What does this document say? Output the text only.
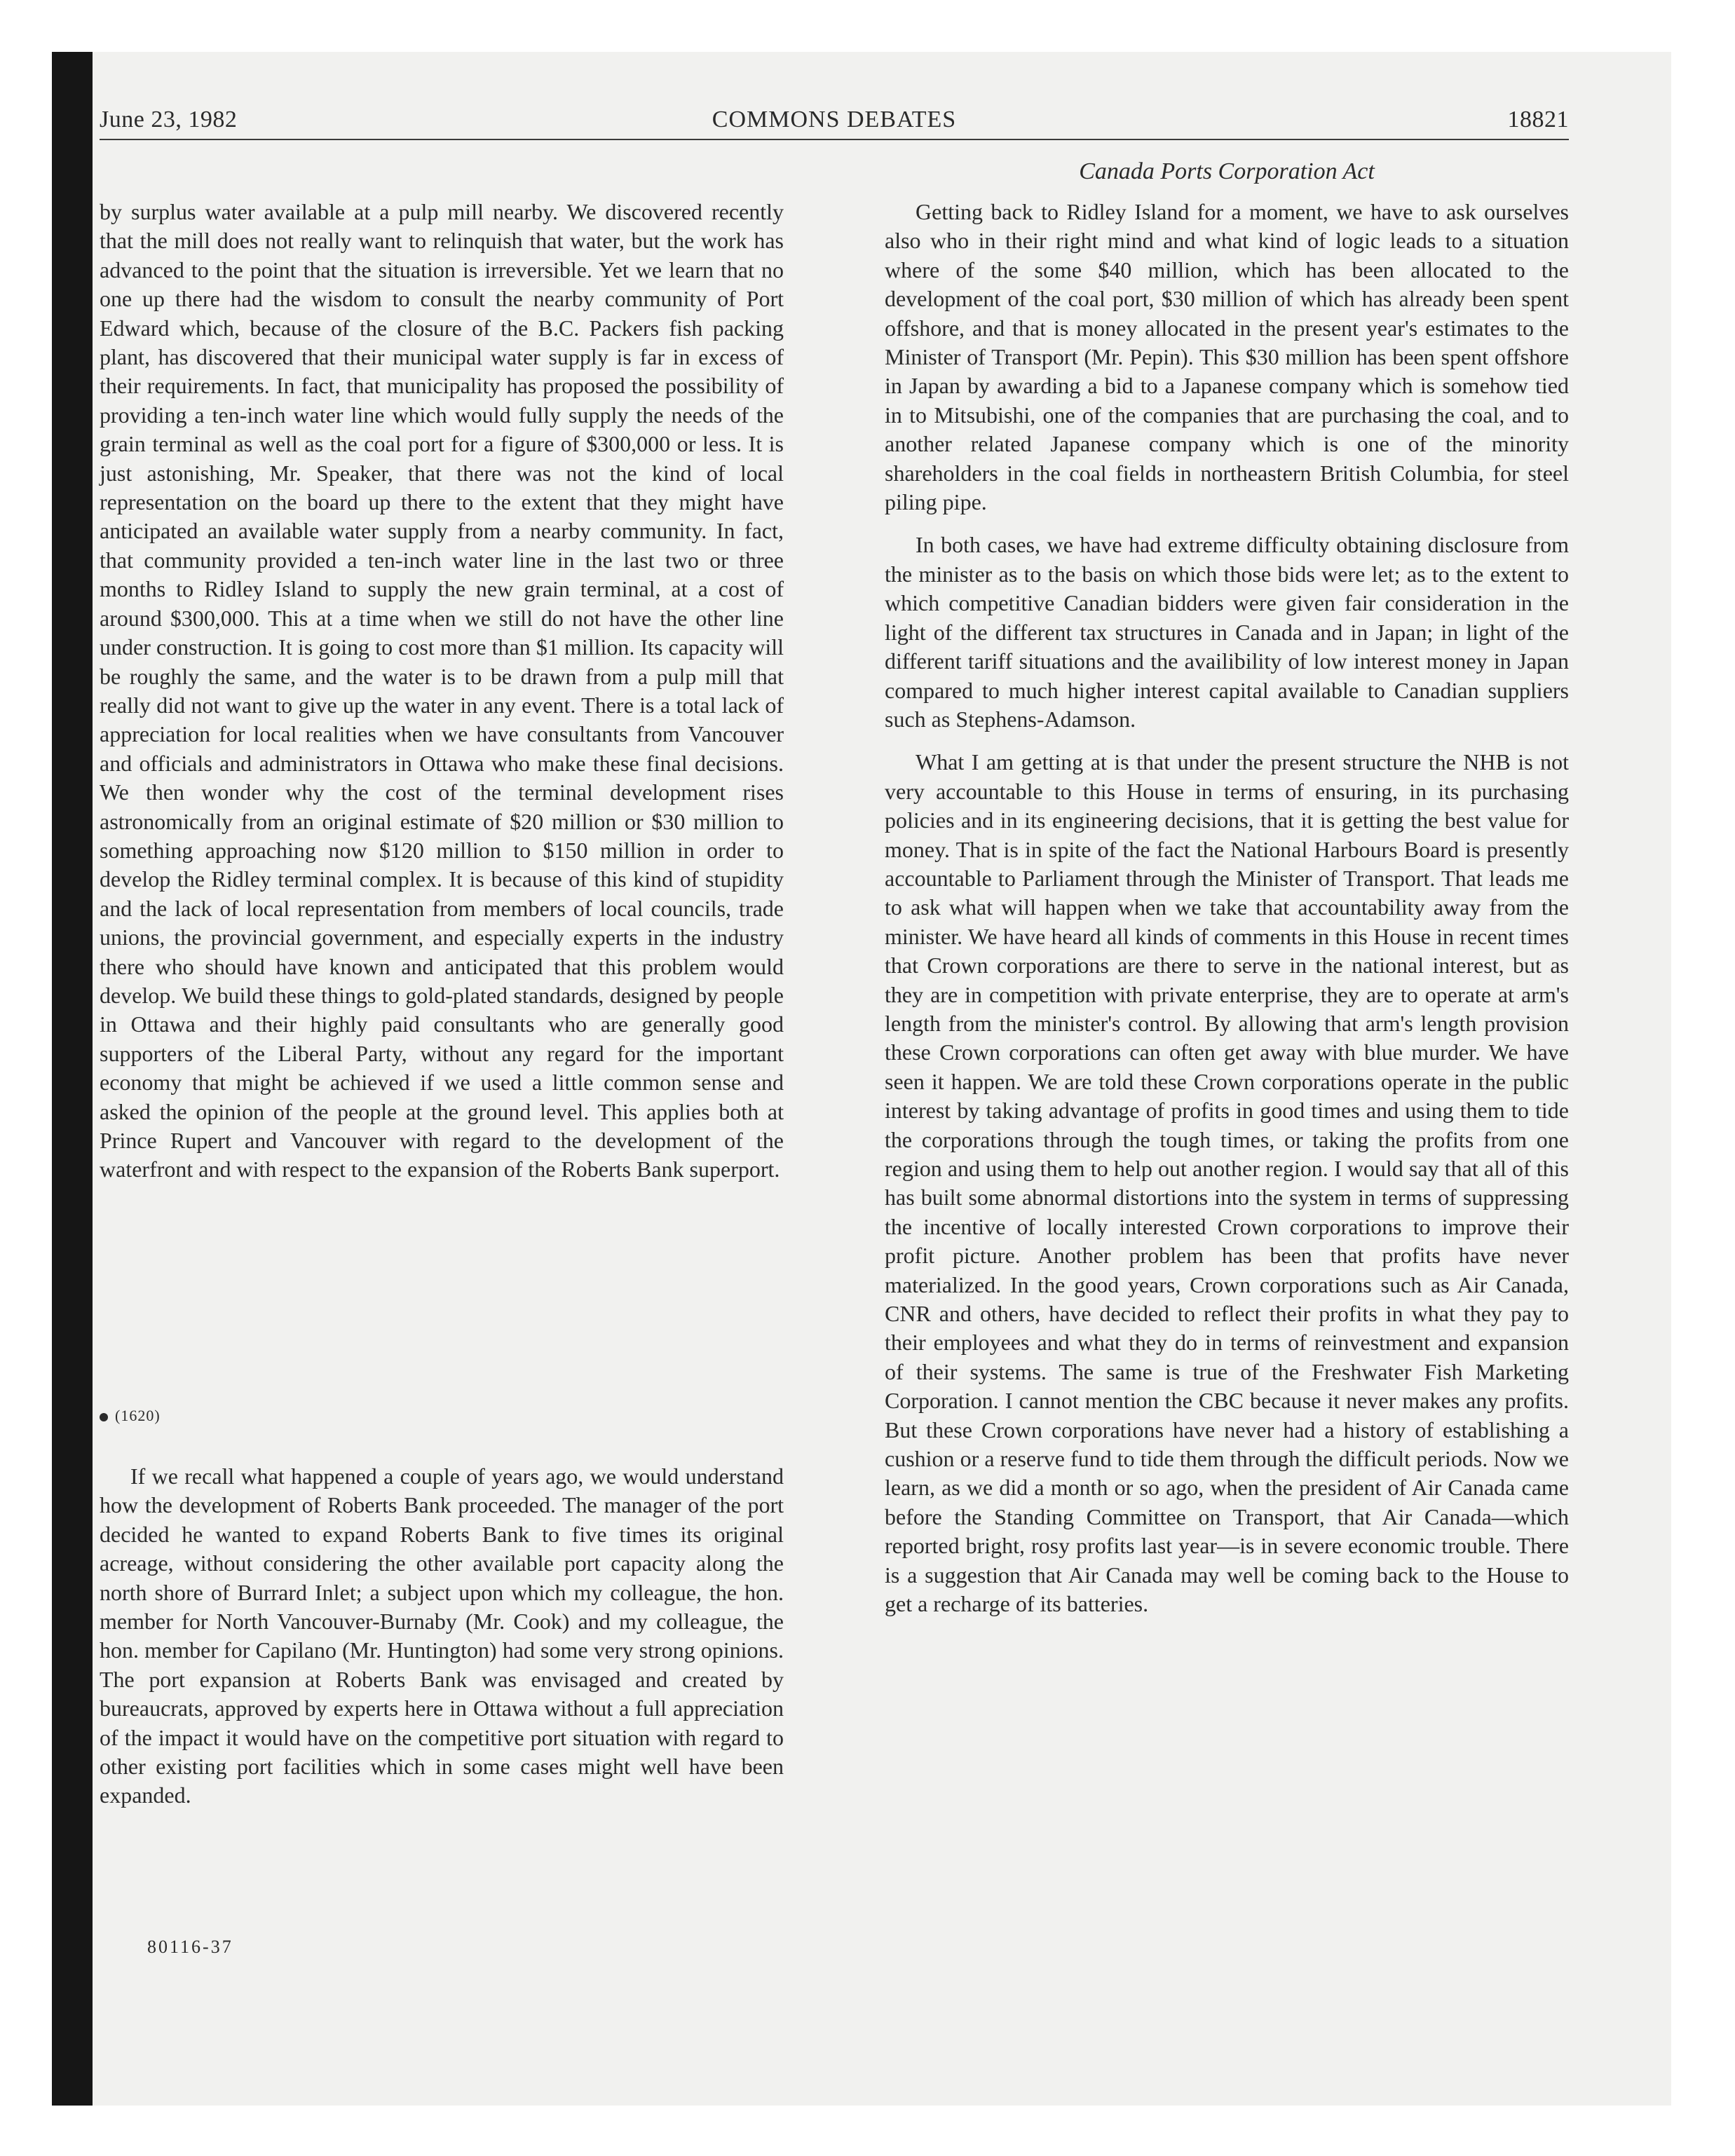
June 23, 1982	COMMONS DEBATES	18821
Canada Ports Corporation Act

by surplus water available at a pulp mill nearby. We discovered recently that the mill does not really want to relinquish that water, but the work has advanced to the point that the situation is irreversible. Yet we learn that no one up there had the wisdom to consult the nearby community of Port Edward which, because of the closure of the B.C. Packers fish packing plant, has discovered that their municipal water supply is far in excess of their requirements. In fact, that municipality has proposed the possibility of providing a ten-inch water line which would fully supply the needs of the grain terminal as well as the coal port for a figure of $300,000 or less. It is just astonishing, Mr. Speaker, that there was not the kind of local representation on the board up there to the extent that they might have anticipated an available water supply from a nearby community. In fact, that community provided a ten-inch water line in the last two or three months to Ridley Island to supply the new grain terminal, at a cost of around $300,000. This at a time when we still do not have the other line under construction. It is going to cost more than $1 million. Its capacity will be roughly the same, and the water is to be drawn from a pulp mill that really did not want to give up the water in any event. There is a total lack of appreciation for local realities when we have consultants from Vancouver and officials and administrators in Ottawa who make these final decisions. We then wonder why the cost of the terminal development rises astronomically from an original estimate of $20 million or $30 million to something approaching now $120 million to $150 million in order to develop the Ridley terminal complex. It is because of this kind of stupidity and the lack of local representation from members of local councils, trade unions, the provincial government, and especially experts in the industry there who should have known and anticipated that this problem would develop. We build these things to gold-plated standards, designed by people in Ottawa and their highly paid consultants who are generally good supporters of the Liberal Party, without any regard for the important economy that might be achieved if we used a little common sense and asked the opinion of the people at the ground level. This applies both at Prince Rupert and Vancouver with regard to the development of the waterfront and with respect to the expansion of the Roberts Bank superport.

(1620)

If we recall what happened a couple of years ago, we would understand how the development of Roberts Bank proceeded. The manager of the port decided he wanted to expand Roberts Bank to five times its original acreage, without considering the other available port capacity along the north shore of Burrard Inlet; a subject upon which my colleague, the hon. member for North Vancouver-Burnaby (Mr. Cook) and my colleague, the hon. member for Capilano (Mr. Huntington) had some very strong opinions. The port expansion at Roberts Bank was envisaged and created by bureaucrats, approved by experts here in Ottawa without a full appreciation of the impact it would have on the competitive port situation with regard to other existing port facilities which in some cases might well have been expanded.

Getting back to Ridley Island for a moment, we have to ask ourselves also who in their right mind and what kind of logic leads to a situation where of the some $40 million, which has been allocated to the development of the coal port, $30 million of which has already been spent offshore, and that is money allocated in the present year's estimates to the Minister of Transport (Mr. Pepin). This $30 million has been spent offshore in Japan by awarding a bid to a Japanese company which is somehow tied in to Mitsubishi, one of the companies that are purchasing the coal, and to another related Japanese company which is one of the minority shareholders in the coal fields in northeastern British Columbia, for steel piling pipe.

In both cases, we have had extreme difficulty obtaining disclosure from the minister as to the basis on which those bids were let; as to the extent to which competitive Canadian bidders were given fair consideration in the light of the different tax structures in Canada and in Japan; in light of the different tariff situations and the availibility of low interest money in Japan compared to much higher interest capital available to Canadian suppliers such as Stephens-Adamson.

What I am getting at is that under the present structure the NHB is not very accountable to this House in terms of ensuring, in its purchasing policies and in its engineering decisions, that it is getting the best value for money. That is in spite of the fact the National Harbours Board is presently accountable to Parliament through the Minister of Transport. That leads me to ask what will happen when we take that accountability away from the minister. We have heard all kinds of comments in this House in recent times that Crown corporations are there to serve in the national interest, but as they are in competition with private enterprise, they are to operate at arm's length from the minister's control. By allowing that arm's length provision these Crown corporations can often get away with blue murder. We have seen it happen. We are told these Crown corporations operate in the public interest by taking advantage of profits in good times and using them to tide the corporations through the tough times, or taking the profits from one region and using them to help out another region. I would say that all of this has built some abnormal distortions into the system in terms of suppressing the incentive of locally interested Crown corporations to improve their profit picture. Another problem has been that profits have never materialized. In the good years, Crown corporations such as Air Canada, CNR and others, have decided to reflect their profits in what they pay to their employees and what they do in terms of reinvestment and expansion of their systems. The same is true of the Freshwater Fish Marketing Corporation. I cannot mention the CBC because it never makes any profits. But these Crown corporations have never had a history of establishing a cushion or a reserve fund to tide them through the difficult periods. Now we learn, as we did a month or so ago, when the president of Air Canada came before the Standing Committee on Transport, that Air Canada—which reported bright, rosy profits last year—is in severe economic trouble. There is a suggestion that Air Canada may well be coming back to the House to get a recharge of its batteries.

80116-37
